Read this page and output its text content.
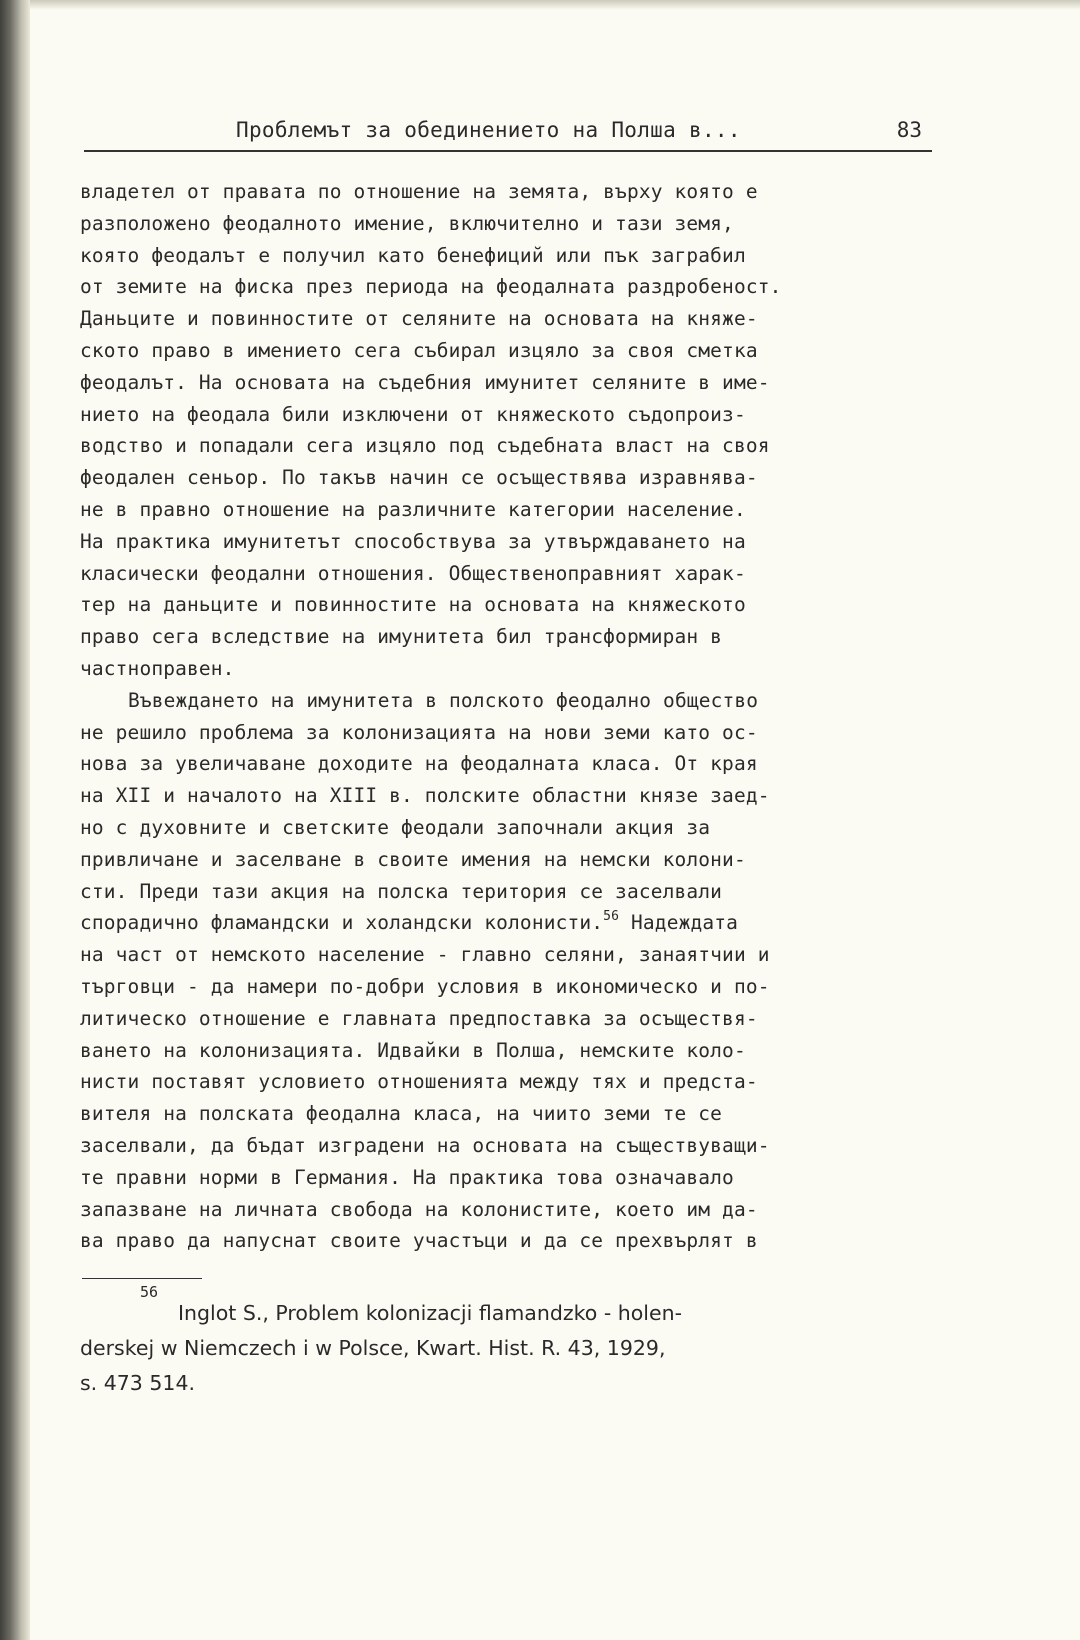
Проблемът за обединението на Полша в...	83
владетел от правата по отношение на земята, върху която е
разположено феодалното имение, включително и тази земя,
която феодалът е получил като бенефиций или пък заграбил
от земите на фиска през периода на феодалната раздробеност.
Даньците и повинностите от селяните на основата на княже-
ското право в имението сега събирал изцяло за своя сметка
феодалът. На основата на съдебния имунитет селяните в име-
нието на феодала били изключени от княжеското съдопроиз-
водство и попадали сега изцяло под съдебната власт на своя
феодален сеньор. По такъв начин се осъществява изравнява-
не в правно отношение на различните категории население.
На практика имунитетът способствува за утвърждаването на
класически феодални отношения. Общественоправният харак-
тер на даньците и повинностите на основата на княжеското
право сега вследствие на имунитета бил трансформиран в
частноправен.
Въвеждането на имунитета в полското феодално общество
не решило проблема за колонизацията на нови земи като ос-
нова за увеличаване доходите на феодалната класа. От края
на XII и началото на XIII в. полските областни князе заед-
но с духовните и светските феодали започнали акция за
привличане и заселване в своите имения на немски колони-
сти. Преди тази акция на полска територия се заселвали
спорадично фламандски и холандски колонисти.$^{56}$ Надеждата
на част от немското население - главно селяни, занаятчии и
търговци - да намери по-добри условия в икономическо и по-
литическо отношение е главната предпоставка за осъществя-
ването на колонизацията. Идвайки в Полша, немските коло-
нисти поставят условието отношенията между тях и предста-
вителя на полската феодална класа, на чиито земи те се
заселвали, да бъдат изградени на основата на съществуващи-
те правни норми в Германия. На практика това означавало
запазване на личната свобода на колонистите, което им да-
ва право да напуснат своите участъци и да се прехвърлят в
56
Inglot S., Problem kolonizacji flamandzko - holen-
derskej w Niemczech i w Polsce, Kwart. Hist. R. 43, 1929,
s. 473 514.
